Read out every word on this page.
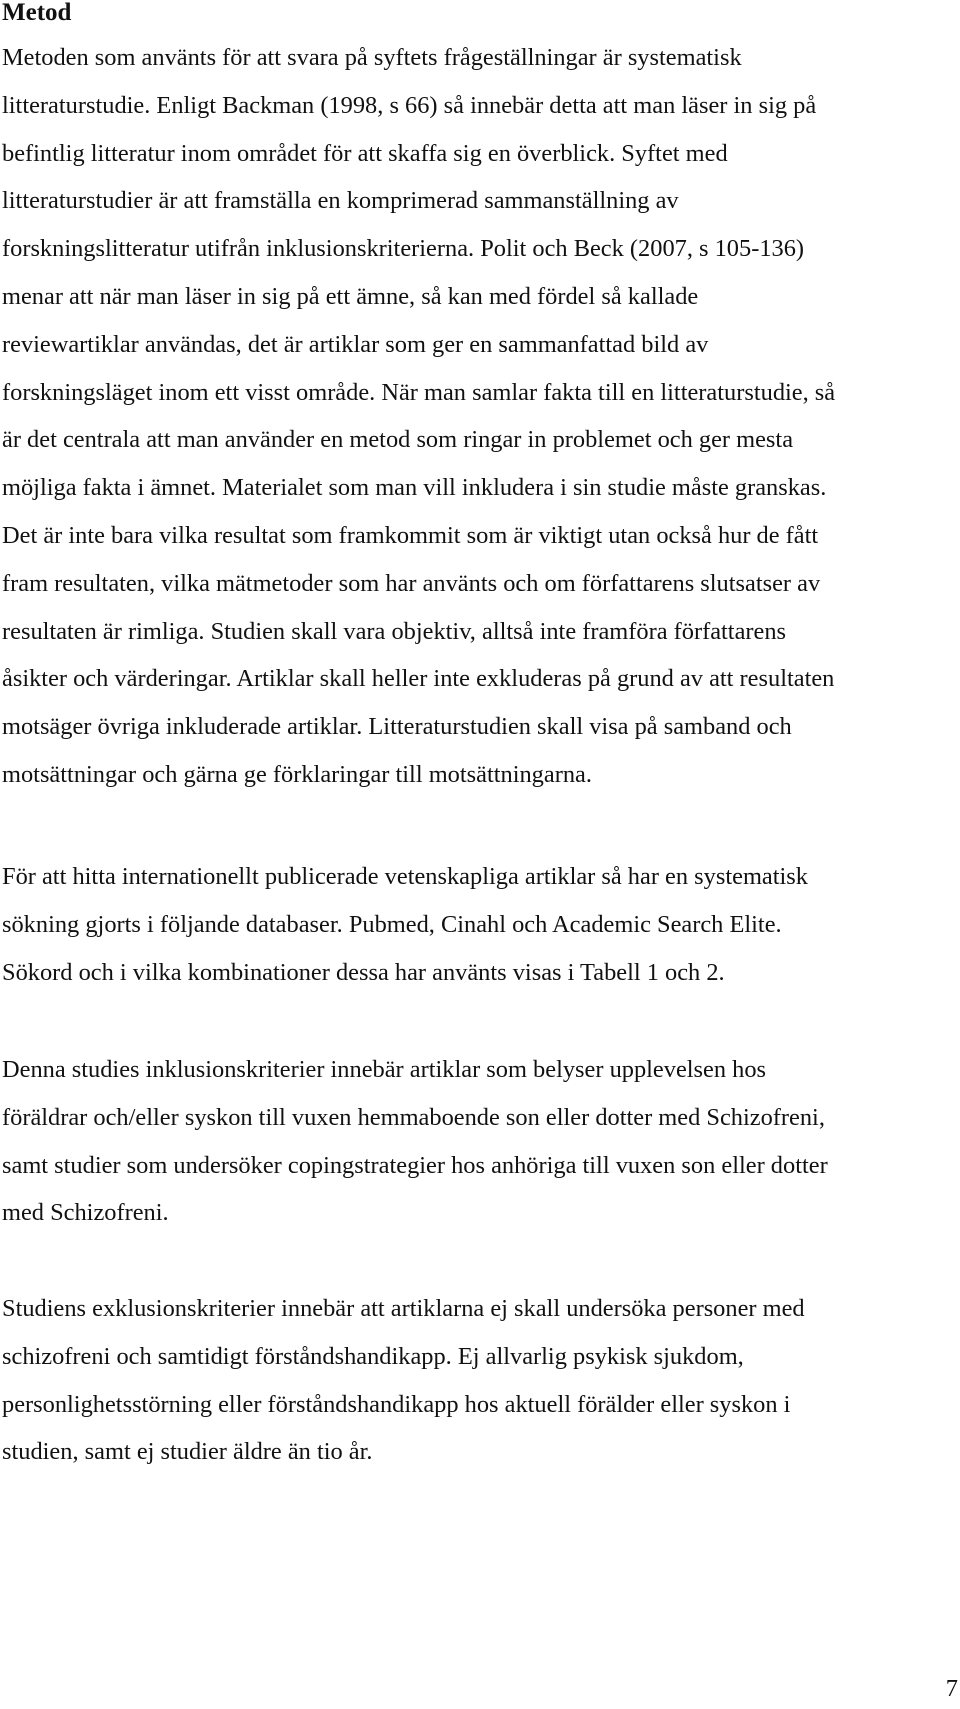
Metod

Metoden som använts för att svara på syftets frågeställningar är systematisk
litteraturstudie. Enligt Backman (1998, s 66) så innebär detta att man läser in sig på
befintlig litteratur inom området för att skaffa sig en överblick. Syftet med
litteraturstudier är att framställa en komprimerad sammanställning av
forskningslitteratur utifrån inklusionskriterierna. Polit och Beck (2007, s 105-136)
menar att när man läser in sig på ett ämne, så kan med fördel så kallade
reviewartiklar användas, det är artiklar som ger en sammanfattad bild av
forskningsläget inom ett visst område. När man samlar fakta till en litteraturstudie, så
är det centrala att man använder en metod som ringar in problemet och ger mesta
möjliga fakta i ämnet. Materialet som man vill inkludera i sin studie måste granskas.
Det är inte bara vilka resultat som framkommit som är viktigt utan också hur de fått
fram resultaten, vilka mätmetoder som har använts och om författarens slutsatser av
resultaten är rimliga. Studien skall vara objektiv, alltså inte framföra författarens
åsikter och värderingar. Artiklar skall heller inte exkluderas på grund av att resultaten
motsäger övriga inkluderade artiklar. Litteraturstudien skall visa på samband och
motsättningar och gärna ge förklaringar till motsättningarna.

För att hitta internationellt publicerade vetenskapliga artiklar så har en systematisk
sökning gjorts i följande databaser. Pubmed, Cinahl och Academic Search Elite.
Sökord och i vilka kombinationer dessa har använts visas i Tabell 1 och 2.

Denna studies inklusionskriterier innebär artiklar som belyser upplevelsen hos
föräldrar och/eller syskon till vuxen hemmaboende son eller dotter med Schizofreni,
samt studier som undersöker copingstrategier hos anhöriga till vuxen son eller dotter
med Schizofreni.

Studiens exklusionskriterier innebär att artiklarna ej skall undersöka personer med
schizofreni och samtidigt förståndshandikapp. Ej allvarlig psykisk sjukdom,
personlighetsstörning eller förståndshandikapp hos aktuell förälder eller syskon i
studien, samt ej studier äldre än tio år.

7
